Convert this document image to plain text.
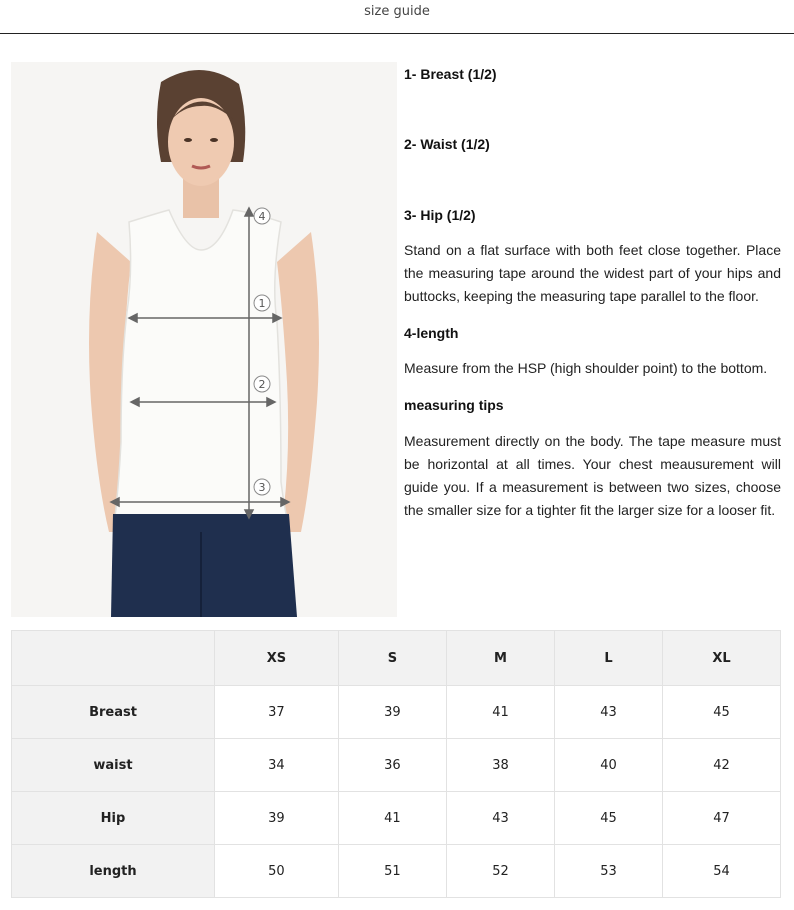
size guide
4
1
2
3
1- Breast (1/2)
2- Waist (1/2)
3- Hip (1/2)
Stand on a flat surface with both feet close together. Place the measuring tape around the widest part of your hips and buttocks, keeping the measuring tape parallel to the floor.
4-length
Measure from the HSP (high shoulder point) to the bottom.
measuring tips
Measurement directly on the body. The tape measure must be horizontal at all times. Your chest meausurement will guide you. If a measurement is between two sizes, choose the smaller size for a tighter fit the larger size for a looser fit.
	XS	S	M	L	XL
Breast	37	39	41	43	45
waist	34	36	38	40	42
Hip	39	41	43	45	47
length	50	51	52	53	54
